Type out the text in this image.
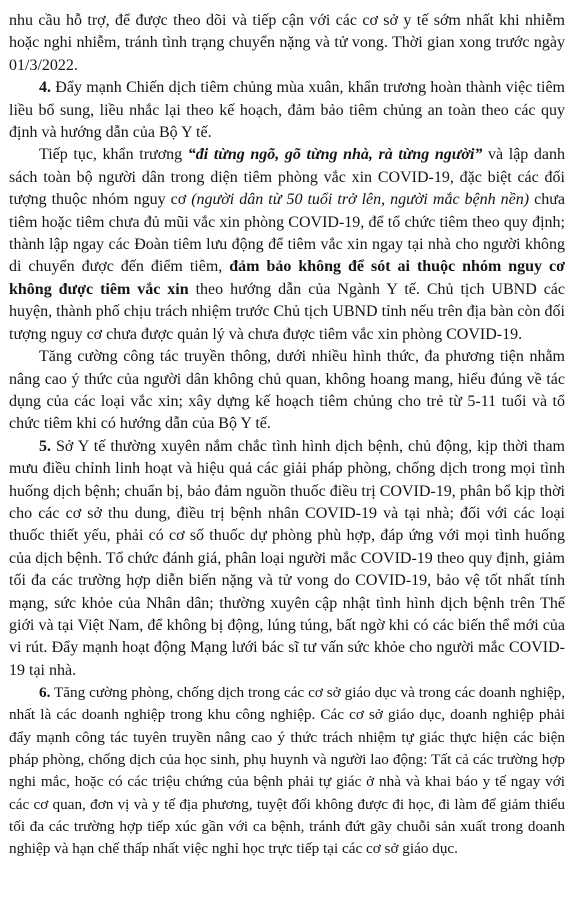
nhu cầu hỗ trợ, để được theo dõi và tiếp cận với các cơ sở y tế sớm nhất khi nhiễm hoặc nghi nhiễm, tránh tình trạng chuyển nặng và tử vong. Thời gian xong trước ngày 01/3/2022.

4. Đẩy mạnh Chiến dịch tiêm chủng mùa xuân, khẩn trương hoàn thành việc tiêm liều bổ sung, liều nhắc lại theo kế hoạch, đảm bảo tiêm chủng an toàn theo các quy định và hướng dẫn của Bộ Y tế.

Tiếp tục, khẩn trương “đi từng ngõ, gõ từng nhà, rà từng người” và lập danh sách toàn bộ người dân trong diện tiêm phòng vắc xin COVID-19, đặc biệt các đối tượng thuộc nhóm nguy cơ (người dân từ 50 tuổi trở lên, người mắc bệnh nền) chưa tiêm hoặc tiêm chưa đủ mũi vắc xin phòng COVID-19, để tổ chức tiêm theo quy định; thành lập ngay các Đoàn tiêm lưu động để tiêm vắc xin ngay tại nhà cho người không di chuyển được đến điểm tiêm, đảm bảo không để sót ai thuộc nhóm nguy cơ không được tiêm vắc xin theo hướng dẫn của Ngành Y tế. Chủ tịch UBND các huyện, thành phố chịu trách nhiệm trước Chủ tịch UBND tỉnh nếu trên địa bàn còn đối tượng nguy cơ chưa được quản lý và chưa được tiêm vắc xin phòng COVID-19.

Tăng cường công tác truyền thông, dưới nhiều hình thức, đa phương tiện nhằm nâng cao ý thức của người dân không chủ quan, không hoang mang, hiểu đúng về tác dụng của các loại vắc xin; xây dựng kế hoạch tiêm chủng cho trẻ từ 5-11 tuổi và tổ chức tiêm khi có hướng dẫn của Bộ Y tế.

5. Sở Y tế thường xuyên nắm chắc tình hình dịch bệnh, chủ động, kịp thời tham mưu điều chỉnh linh hoạt và hiệu quả các giải pháp phòng, chống dịch trong mọi tình huống dịch bệnh; chuẩn bị, bảo đảm nguồn thuốc điều trị COVID-19, phân bổ kịp thời cho các cơ sở thu dung, điều trị bệnh nhân COVID-19 và tại nhà; đối với các loại thuốc thiết yếu, phải có cơ số thuốc dự phòng phù hợp, đáp ứng với mọi tình huống của dịch bệnh. Tổ chức đánh giá, phân loại người mắc COVID-19 theo quy định, giảm tối đa các trường hợp diễn biến nặng và tử vong do COVID-19, bảo vệ tốt nhất tính mạng, sức khỏe của Nhân dân; thường xuyên cập nhật tình hình dịch bệnh trên Thế giới và tại Việt Nam, để không bị động, lúng túng, bất ngờ khi có các biến thể mới của vi rút. Đẩy mạnh hoạt động Mạng lưới bác sĩ tư vấn sức khỏe cho người mắc COVID-19 tại nhà.

6. Tăng cường phòng, chống dịch trong các cơ sở giáo dục và trong các doanh nghiệp, nhất là các doanh nghiệp trong khu công nghiệp. Các cơ sở giáo dục, doanh nghiệp phải đẩy mạnh công tác tuyên truyền nâng cao ý thức trách nhiệm tự giác thực hiện các biện pháp phòng, chống dịch của học sinh, phụ huynh và người lao động: Tất cả các trường hợp nghi mắc, hoặc có các triệu chứng của bệnh phải tự giác ở nhà và khai báo y tế ngay với các cơ quan, đơn vị và y tế địa phương, tuyệt đối không được đi học, đi làm để giảm thiểu tối đa các trường hợp tiếp xúc gần với ca bệnh, tránh đứt gãy chuỗi sản xuất trong doanh nghiệp và hạn chế thấp nhất việc nghỉ học trực tiếp tại các cơ sở giáo dục.
